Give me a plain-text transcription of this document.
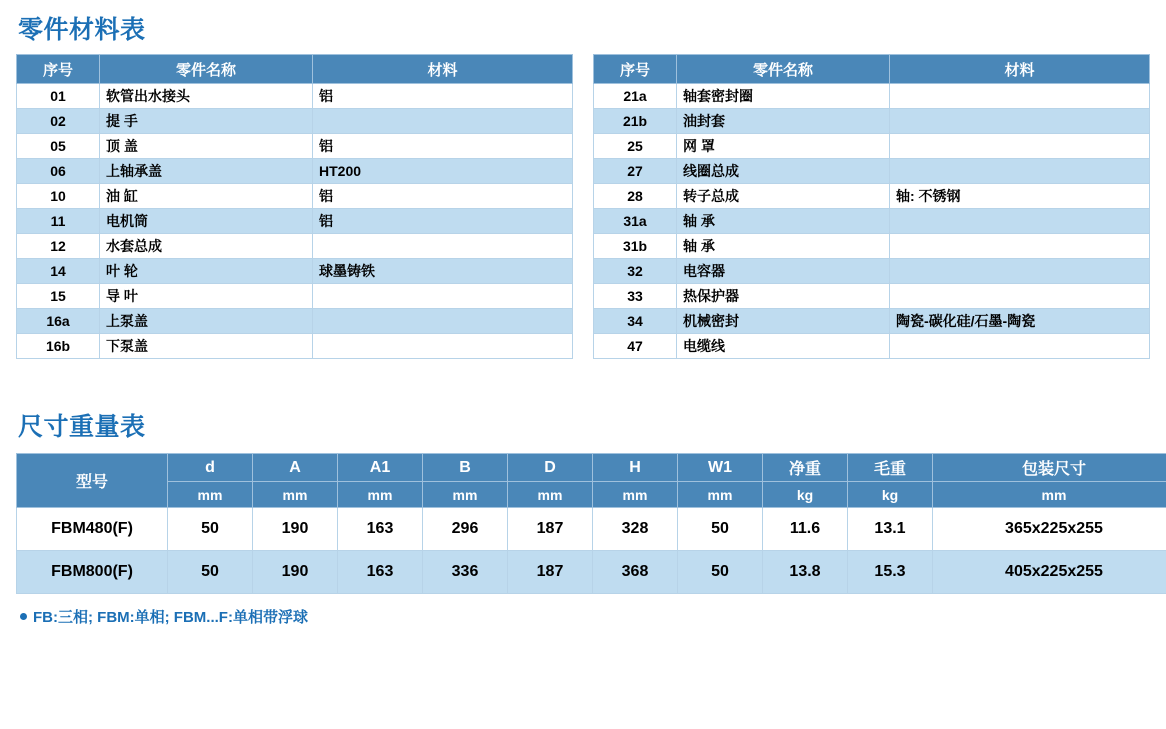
零件材料表
序号	零件名称	材料
01	软管出水接头	铝
02	提 手	
05	顶 盖	铝
06	上轴承盖	HT200
10	油 缸	铝
11	电机筒	铝
12	水套总成	
14	叶 轮	球墨铸铁
15	导 叶	
16a	上泵盖	
16b	下泵盖	
序号	零件名称	材料
21a	轴套密封圈	
21b	油封套	
25	网 罩	
27	线圈总成	
28	转子总成	轴: 不锈钢
31a	轴 承	
31b	轴 承	
32	电容器	
33	热保护器	
34	机械密封	陶瓷-碳化硅/石墨-陶瓷
47	电缆线	
尺寸重量表
型号	d	A	A1	B	D	H	W1	净重	毛重	包装尺寸
	mm	mm	mm	mm	mm	mm	mm	kg	kg	mm
FBM480(F)	50	190	163	296	187	328	50	11.6	13.1	365x225x255
FBM800(F)	50	190	163	336	187	368	50	13.8	15.3	405x225x255
FB:三相; FBM:单相; FBM...F:单相带浮球
